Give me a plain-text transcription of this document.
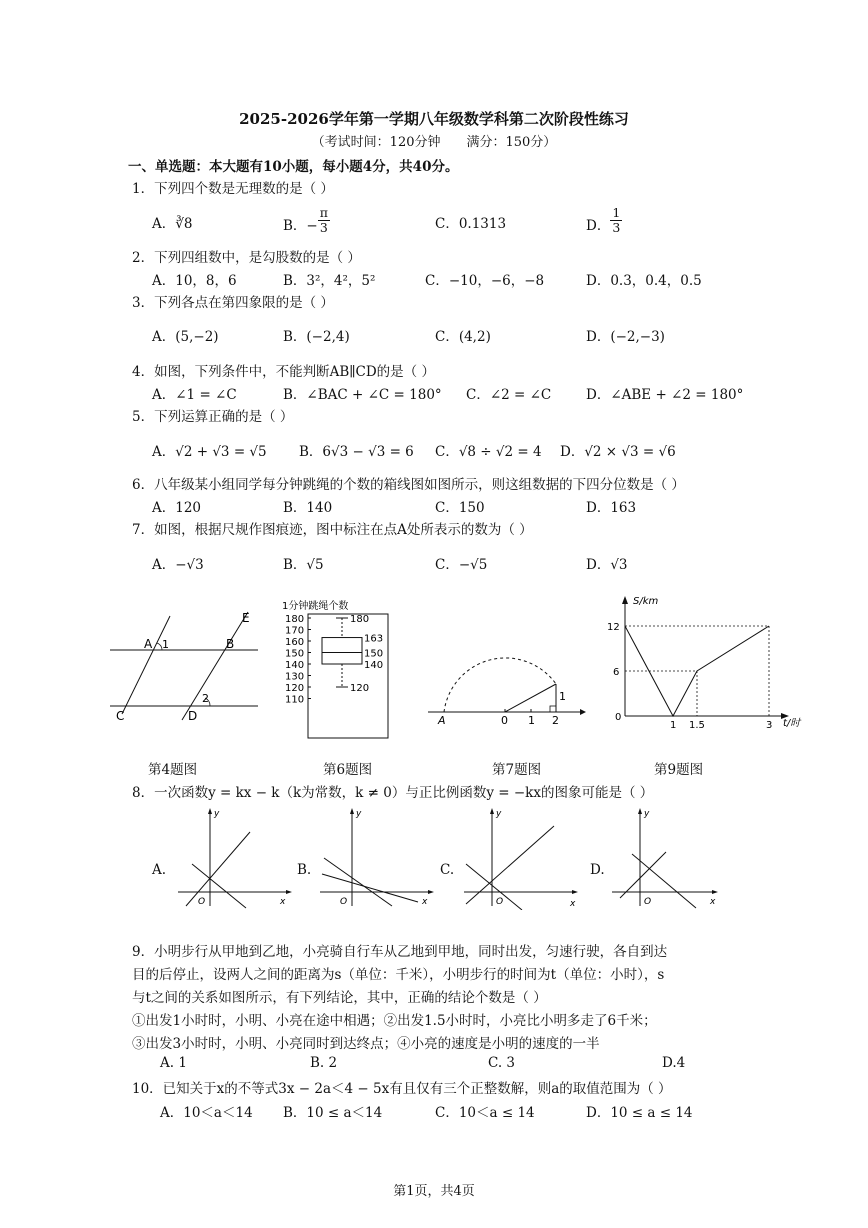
2025-2026学年第一学期八年级数学科第二次阶段性练习
（考试时间：120分钟　　满分：150分）
一、单选题：本大题有10小题，每小题4分，共40分。
1．下列四个数是无理数的是（ ）
A．∛8	B．− $\frac{\pi}{3}$	C．0.1313	D． $\frac{1}{3}$
2．下列四组数中，是勾股数的是（ ）
A．10，8，6	B．3²，4²，5²	C．−10，−6，−8	D．0.3，0.4，0.5
3．下列各点在第四象限的是（ ）
A．(5,−2)	B．(−2,4)	C．(4,2)	D．(−2,−3)
4．如图，下列条件中，不能判断AB∥CD的是（ ）
A．∠1 = ∠C	B．∠BAC + ∠C = 180° C．∠2 = ∠C	D．∠ABE + ∠2 = 180°
5．下列运算正确的是（ ）
A．√2 + √3 = √5 B．6√3 − √3 = 6 C．√8 ÷ √2 = 4 D．√2 × √3 = √6
6．八年级某小组同学每分钟跳绳的个数的箱线图如图所示，则这组数据的下四分位数是（ ）
A．120	B．140	C．150	D．163
7．如图，根据尺规作图痕迹，图中标注在点A处所表示的数为（ ）
A．−√3	B．√5	C．−√5	D．√3
A 1	B
E
2
C	D
第4题图
1分钟跳绳个数
180
170
160
150
140
130
120
110
180
163
150
140
120
第6题图
A	0 1 2
1
第7题图
S/km
t/时
12
6
0
1 1.5	3
第9题图
8．一次函数y = kx − k（k为常数，k ≠ 0）与正比例函数y = −kx的图象可能是（ ）
A.
y
x
O
B.
y
x
O
C.
y
x
O
D.
y
x
O
9．小明步行从甲地到乙地，小亮骑自行车从乙地到甲地，同时出发，匀速行驶，各自到达
目的后停止，设两人之间的距离为s（单位：千米），小明步行的时间为t（单位：小时），s
与t之间的关系如图所示，有下列结论，其中，正确的结论个数是（ ）
①出发1小时时，小明、小亮在途中相遇；②出发1.5小时时，小亮比小明多走了6千米；
③出发3小时时，小明、小亮同时到达终点；④小亮的速度是小明的速度的一半
A. 1	B. 2	C. 3	D.4
10．已知关于x的不等式3x − 2a＜4 − 5x有且仅有三个正整数解，则a的取值范围为（ ）
A．10＜a＜14 B．10 ≤ a＜14	C．10＜a ≤ 14	D．10 ≤ a ≤ 14
第1页，共4页
